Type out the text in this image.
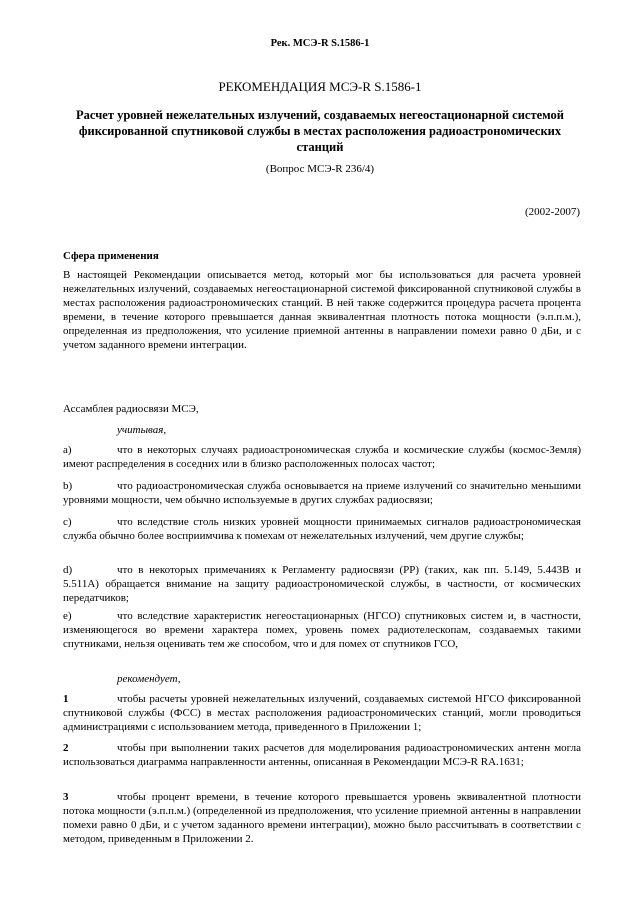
Рек. МСЭ-R S.1586-1
РЕКОМЕНДАЦИЯ МСЭ-R S.1586-1
Расчет уровней нежелательных излучений, создаваемых негеостационарной системой фиксированной спутниковой службы в местах расположения радиоастрономических станций
(Вопрос МСЭ-R 236/4)
(2002-2007)
Сфера применения
В настоящей Рекомендации описывается метод, который мог бы использоваться для расчета уровней нежелательных излучений, создаваемых негеостационарной системой фиксированной спутниковой службы в местах расположения радиоастрономических станций. В ней также содержится процедура расчета процента времени, в течение которого превышается данная эквивалентная плотность потока мощности (э.п.п.м.), определенная из предположения, что усиление приемной антенны в направлении помехи равно 0 дБи, и с учетом заданного времени интеграции.
Ассамблея радиосвязи МСЭ,
учитывая,
a)	что в некоторых случаях радиоастрономическая служба и космические службы (космос-Земля) имеют распределения в соседних или в близко расположенных полосах частот;
b)	что радиоастрономическая служба основывается на приеме излучений со значительно меньшими уровнями мощности, чем обычно используемые в других службах радиосвязи;
c)	что вследствие столь низких уровней мощности принимаемых сигналов радиоастрономическая служба обычно более восприимчива к помехам от нежелательных излучений, чем другие службы;
d)	что в некоторых примечаниях к Регламенту радиосвязи (РР) (таких, как пп. 5.149, 5.443B и 5.511A) обращается внимание на защиту радиоастрономической службы, в частности, от космических передатчиков;
e)	что вследствие характеристик негеостационарных (НГСО) спутниковых систем и, в частности, изменяющегося во времени характера помех, уровень помех радиотелескопам, создаваемых такими спутниками, нельзя оценивать тем же способом, что и для помех от спутников ГСО,
рекомендует,
1	чтобы расчеты уровней нежелательных излучений, создаваемых системой НГСО фиксированной спутниковой службы (ФСС) в местах расположения радиоастрономических станций, могли проводиться администрациями с использованием метода, приведенного в Приложении 1;
2	чтобы при выполнении таких расчетов для моделирования радиоастрономических антенн могла использоваться диаграмма направленности антенны, описанная в Рекомендации МСЭ-R RA.1631;
3	чтобы процент времени, в течение которого превышается уровень эквивалентной плотности потока мощности (э.п.п.м.) (определенной из предположения, что усиление приемной антенны в направлении помехи равно 0 дБи, и с учетом заданного времени интеграции), можно было рассчитывать в соответствии с методом, приведенным в Приложении 2.
